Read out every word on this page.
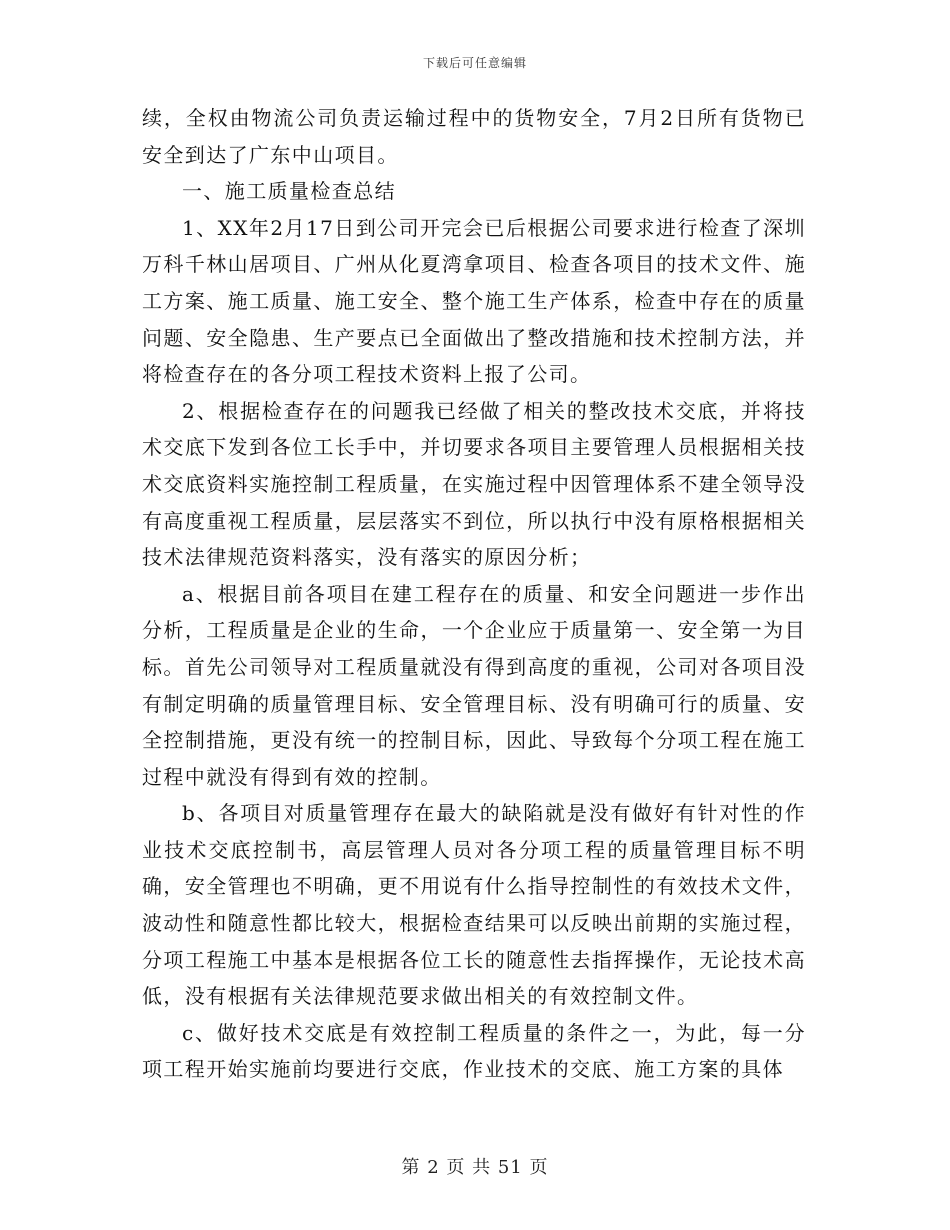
下载后可任意编辑

续，全权由物流公司负责运输过程中的货物安全，7月2日所有货物已安全到达了广东中山项目。

一、施工质量检查总结

1、XX年2月17日到公司开完会已后根据公司要求进行检查了深圳万科千林山居项目、广州从化夏湾拿项目、检查各项目的技术文件、施工方案、施工质量、施工安全、整个施工生产体系，检查中存在的质量问题、安全隐患、生产要点已全面做出了整改措施和技术控制方法，并将检查存在的各分项工程技术资料上报了公司。

2、根据检查存在的问题我已经做了相关的整改技术交底，并将技术交底下发到各位工长手中，并切要求各项目主要管理人员根据相关技术交底资料实施控制工程质量，在实施过程中因管理体系不建全领导没有高度重视工程质量，层层落实不到位，所以执行中没有原格根据相关技术法律规范资料落实，没有落实的原因分析；

a、根据目前各项目在建工程存在的质量、和安全问题进一步作出分析，工程质量是企业的生命，一个企业应于质量第一、安全第一为目标。首先公司领导对工程质量就没有得到高度的重视，公司对各项目没有制定明确的质量管理目标、安全管理目标、没有明确可行的质量、安全控制措施，更没有统一的控制目标，因此、导致每个分项工程在施工过程中就没有得到有效的控制。

b、各项目对质量管理存在最大的缺陷就是没有做好有针对性的作业技术交底控制书，高层管理人员对各分项工程的质量管理目标不明确，安全管理也不明确，更不用说有什么指导控制性的有效技术文件，波动性和随意性都比较大，根据检查结果可以反映出前期的实施过程，分项工程施工中基本是根据各位工长的随意性去指挥操作，无论技术高低，没有根据有关法律规范要求做出相关的有效控制文件。

c、做好技术交底是有效控制工程质量的条件之一，为此，每一分项工程开始实施前均要进行交底，作业技术的交底、施工方案的具体

第 2 页 共 51 页
